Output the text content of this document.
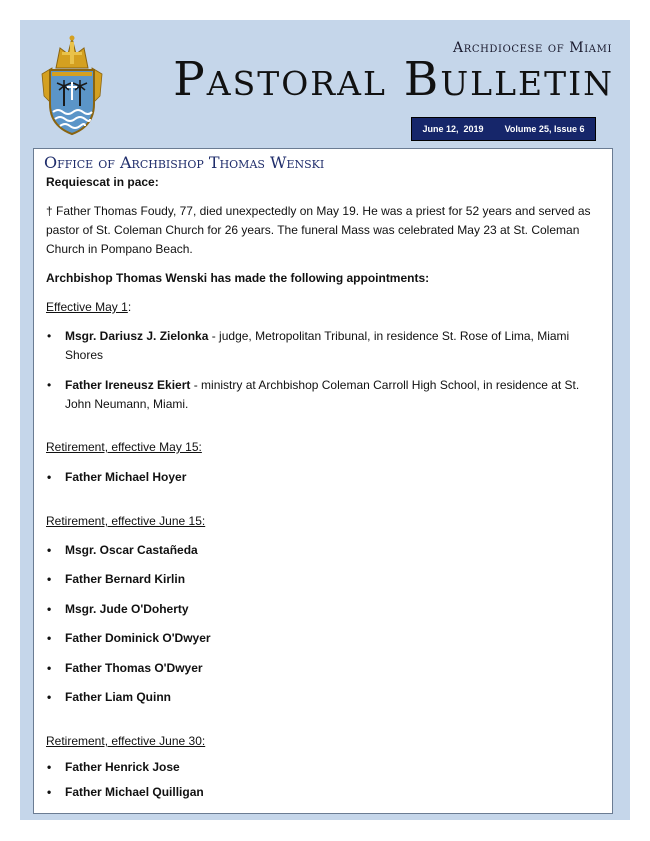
Archdiocese of Miami
Pastoral Bulletin
June 12,  2019 Volume 25, Issue 6
Office of Archbishop Thomas Wenski

Requiescat in pace:

† Father Thomas Foudy, 77, died unexpectedly on May 19. He was a priest for 52 years and served as pastor of St. Coleman Church for 26 years. The funeral Mass was celebrated May 23 at St. Coleman Church in Pompano Beach.

Archbishop Thomas Wenski has made the following appointments:

Effective May 1:

• Msgr. Dariusz J. Zielonka - judge, Metropolitan Tribunal, in residence St. Rose of Lima, Miami Shores
• Father Ireneusz Ekiert - ministry at Archbishop Coleman Carroll High School, in residence at St. John Neumann, Miami.

Retirement, effective May 15:

• Father Michael Hoyer

Retirement, effective June 15:

• Msgr. Oscar Castañeda
• Father Bernard Kirlin
• Msgr. Jude O'Doherty
• Father Dominick O'Dwyer
• Father Thomas O'Dwyer
• Father Liam Quinn

Retirement, effective June 30:

• Father Henrick Jose
• Father Michael Quilligan
